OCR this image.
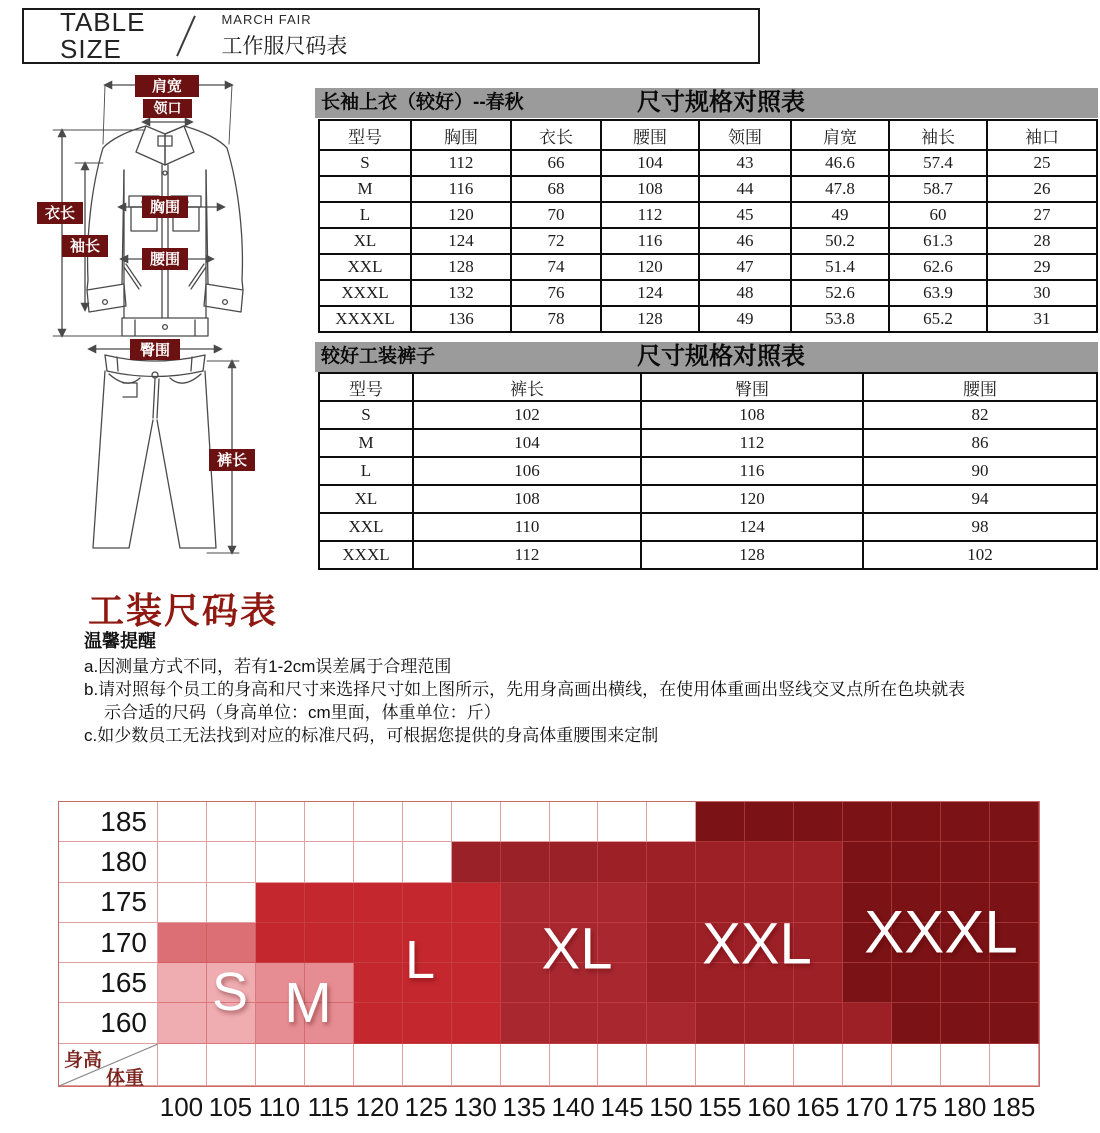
TABLE
SIZE
MARCH FAIR
工作服尺码表
肩宽
领口
衣长
袖长
胸围
腰围
臀围
裤长
长袖上衣（较好）--春秋	尺寸规格对照表
型号	胸围	衣长	腰围	领围	肩宽	袖长	袖口
S	112	66	104	43	46.6	57.4	25
M	116	68	108	44	47.8	58.7	26
L	120	70	112	45	49	60	27
XL	124	72	116	46	50.2	61.3	28
XXL	128	74	120	47	51.4	62.6	29
XXXL	132	76	124	48	52.6	63.9	30
XXXXL	136	78	128	49	53.8	65.2	31
较好工装裤子	尺寸规格对照表
型号	裤长	臀围	腰围
S	102	108	82
M	104	112	86
L	106	116	90
XL	108	120	94
XXL	110	124	98
XXXL	112	128	102
工装尺码表
温馨提醒
a.因测量方式不同，若有1-2cm误差属于合理范围
b.请对照每个员工的身高和尺寸来选择尺寸如上图所示，先用身高画出横线，在使用体重画出竖线交叉点所在色块就表
示合适的尺码（身高单位：cm里面，体重单位：斤）
c.如少数员工无法找到对应的标准尺码，可根据您提供的身高体重腰围来定制
185
180
175
170
165
160
身高
体重
S M
L XL XXL XXXL
100 105 110 115 120 125 130 135 140 145 150 155 160 165 170 175 180 185
